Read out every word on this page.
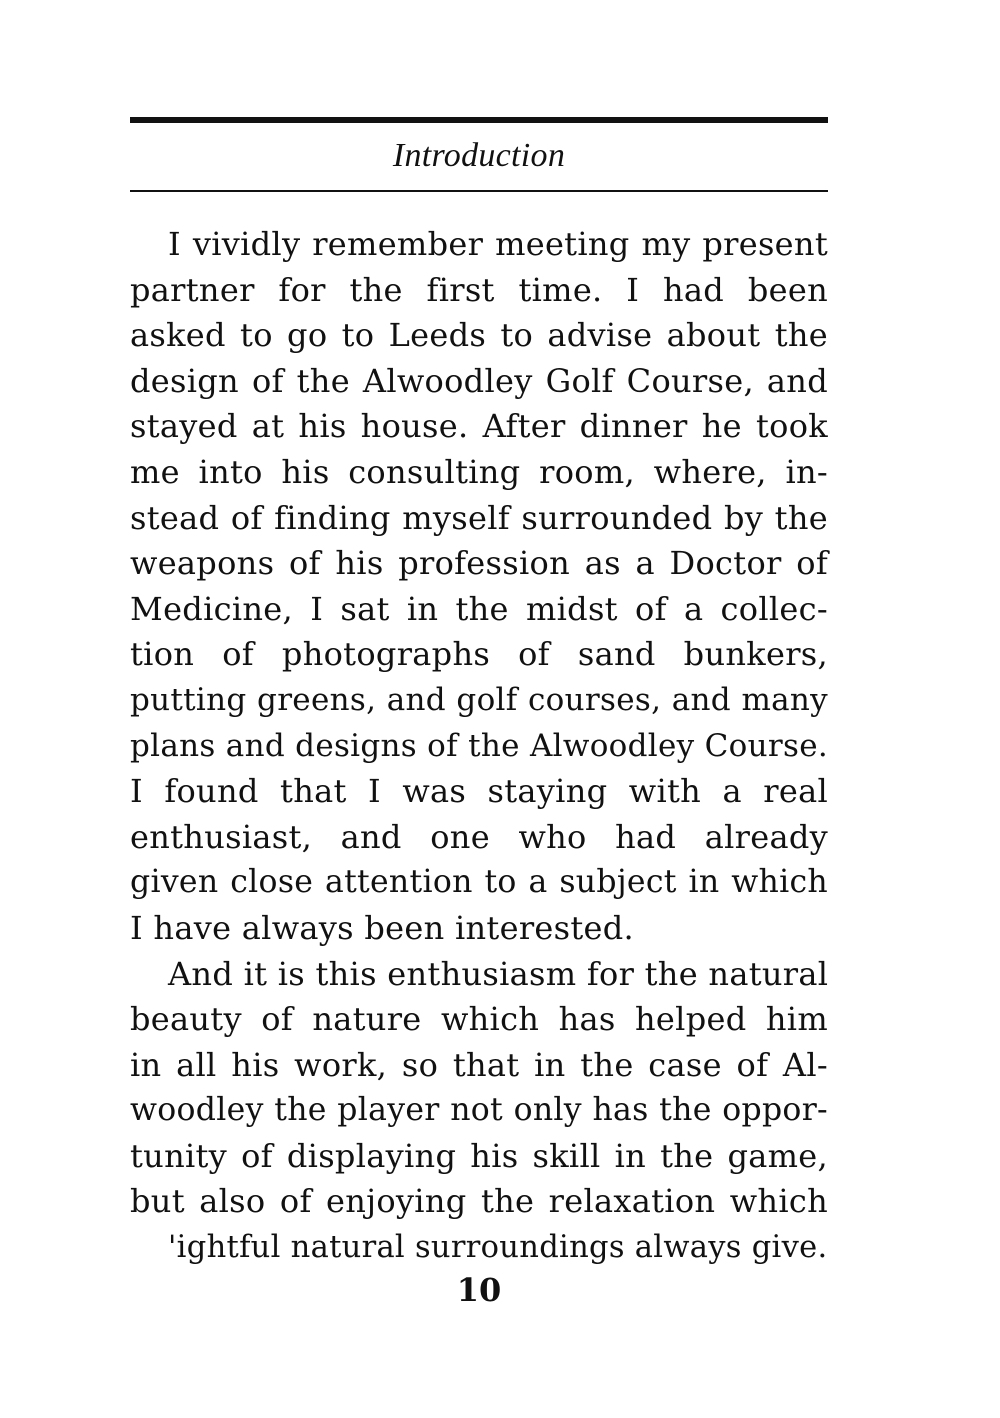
Introduction
I vividly remember meeting my present
partner for the first time. I had been
asked to go to Leeds to advise about the
design of the Alwoodley Golf Course, and
stayed at his house. After dinner he took
me into his consulting room, where, in-
stead of finding myself surrounded by the
weapons of his profession as a Doctor of
Medicine, I sat in the midst of a collec-
tion of photographs of sand bunkers,
putting greens, and golf courses, and many
plans and designs of the Alwoodley Course.
I found that I was staying with a real
enthusiast, and one who had already
given close attention to a subject in which
I have always been interested.
And it is this enthusiasm for the natural
beauty of nature which has helped him
in all his work, so that in the case of Al-
woodley the player not only has the oppor-
tunity of displaying his skill in the game,
but also of enjoying the relaxation which
'ightful natural surroundings always give.
10
